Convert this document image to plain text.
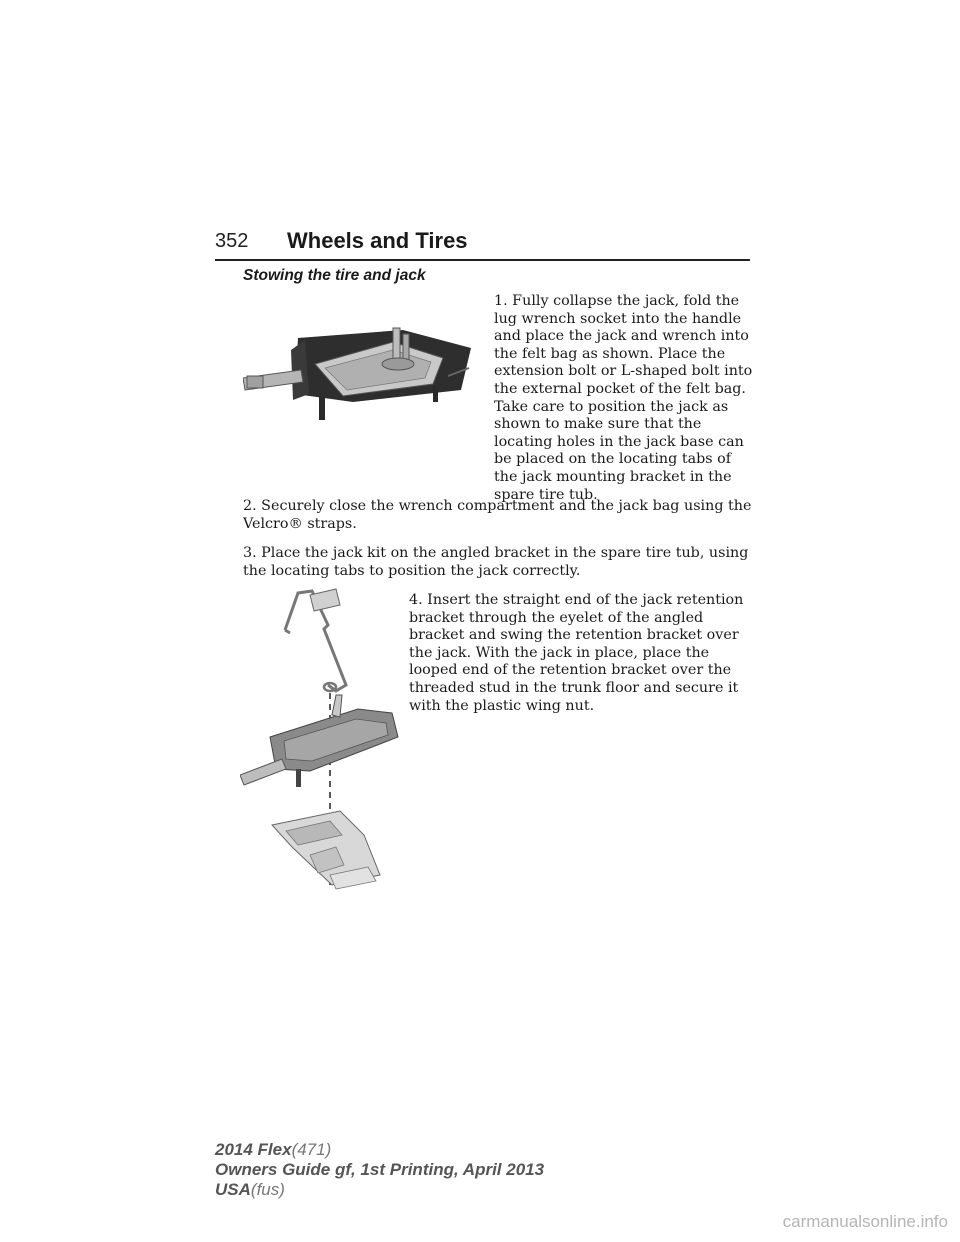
352 Wheels and Tires
Stowing the tire and jack

1. Fully collapse the jack, fold the lug wrench socket into the handle and place the jack and wrench into the felt bag as shown. Place the extension bolt or L-shaped bolt into the external pocket of the felt bag. Take care to position the jack as shown to make sure that the locating holes in the jack base can be placed on the locating tabs of the jack mounting bracket in the spare tire tub.

2. Securely close the wrench compartment and the jack bag using the Velcro® straps.

3. Place the jack kit on the angled bracket in the spare tire tub, using the locating tabs to position the jack correctly.

4. Insert the straight end of the jack retention bracket through the eyelet of the angled bracket and swing the retention bracket over the jack. With the jack in place, place the looped end of the retention bracket over the threaded stud in the trunk floor and secure it with the plastic wing nut.

2014 Flex(471)
Owners Guide gf, 1st Printing, April 2013
USA(fus)
carmanualsonline.info
